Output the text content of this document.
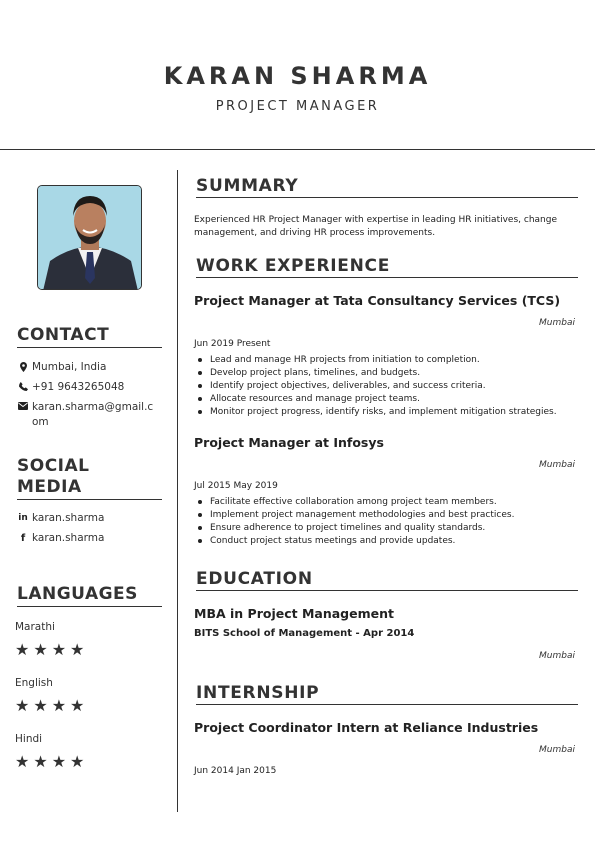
KARAN SHARMA
PROJECT MANAGER
CONTACT
Mumbai, India
+91 9643265048
karan.sharma@gmail.com
SOCIAL
MEDIA
in karan.sharma
f karan.sharma
LANGUAGES
Marathi
★★★★
English
★★★★
Hindi
★★★★
SUMMARY
Experienced HR Project Manager with expertise in leading HR initiatives, change management, and driving HR process improvements.
WORK EXPERIENCE
Project Manager at Tata Consultancy Services (TCS)
Mumbai
Jun 2019 Present
Lead and manage HR projects from initiation to completion.
Develop project plans, timelines, and budgets.
Identify project objectives, deliverables, and success criteria.
Allocate resources and manage project teams.
Monitor project progress, identify risks, and implement mitigation strategies.
Project Manager at Infosys
Mumbai
Jul 2015 May 2019
Facilitate effective collaboration among project team members.
Implement project management methodologies and best practices.
Ensure adherence to project timelines and quality standards.
Conduct project status meetings and provide updates.
EDUCATION
MBA in Project Management
BITS School of Management - Apr 2014
Mumbai
INTERNSHIP
Project Coordinator Intern at Reliance Industries
Mumbai
Jun 2014 Jan 2015
